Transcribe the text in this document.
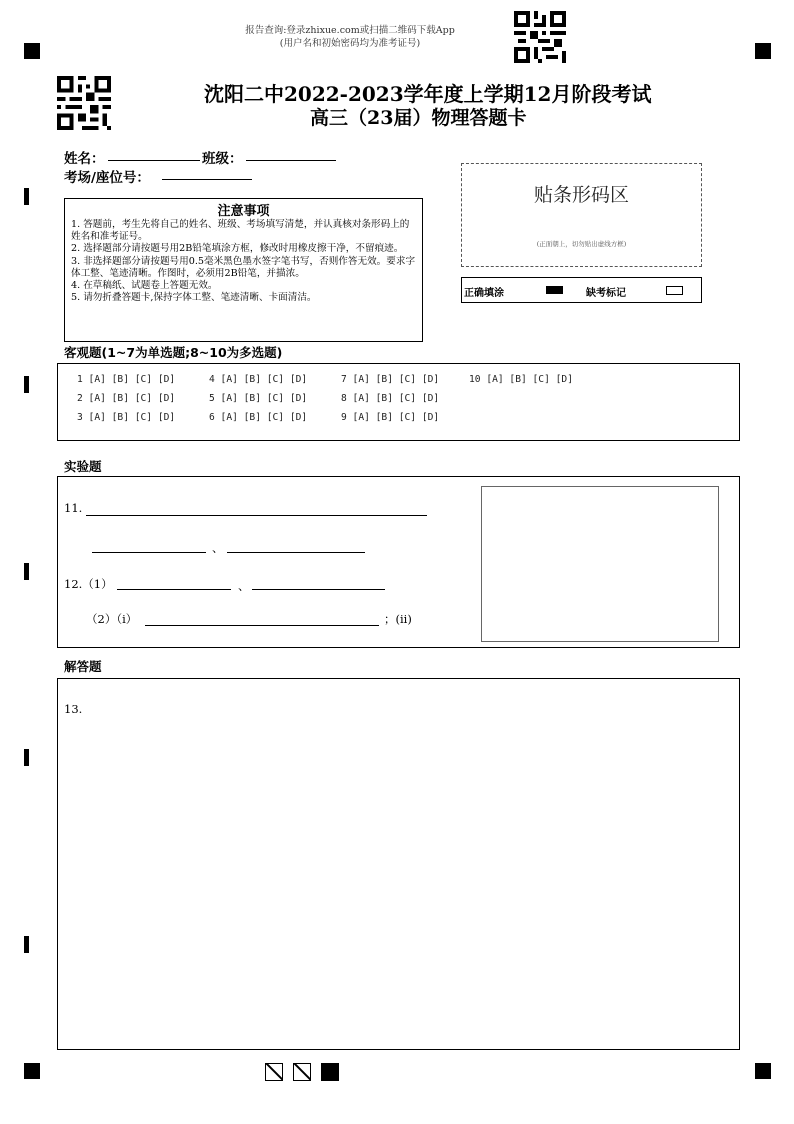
报告查询:登录zhixue.com或扫描二维码下载App
(用户名和初始密码均为准考证号)
沈阳二中2022-2023学年度上学期12月阶段考试
高三（23届）物理答题卡
姓名：	班级：
考场/座位号：
贴条形码区
(正面朝上，切勿贴出虚线方框)
正确填涂	缺考标记
注意事项
1. 答题前，考生先将自己的姓名、班级、考场填写清楚，并认真核对条形码上的姓名和准考证号。
2. 选择题部分请按题号用2B铅笔填涂方框，修改时用橡皮擦干净，不留痕迹。
3. 非选择题部分请按题号用0.5毫米黑色墨水签字笔书写，否则作答无效。要求字体工整、笔迹清晰。作图时，必须用2B铅笔，并描浓。
4. 在草稿纸、试题卷上答题无效。
5. 请勿折叠答题卡,保持字体工整、笔迹清晰、卡面清洁。
客观题(1~7为单选题;8~10为多选题)
1 [A] [B] [C] [D]	4 [A] [B] [C] [D]	7 [A] [B] [C] [D]	10 [A] [B] [C] [D]
2 [A] [B] [C] [D]	5 [A] [B] [C] [D]	8 [A] [B] [C] [D]
3 [A] [B] [C] [D]	6 [A] [B] [C] [D]	9 [A] [B] [C] [D]
实验题
11.
、
12.（1）	、
（2）（i）	；(ii)
解答题
13.
